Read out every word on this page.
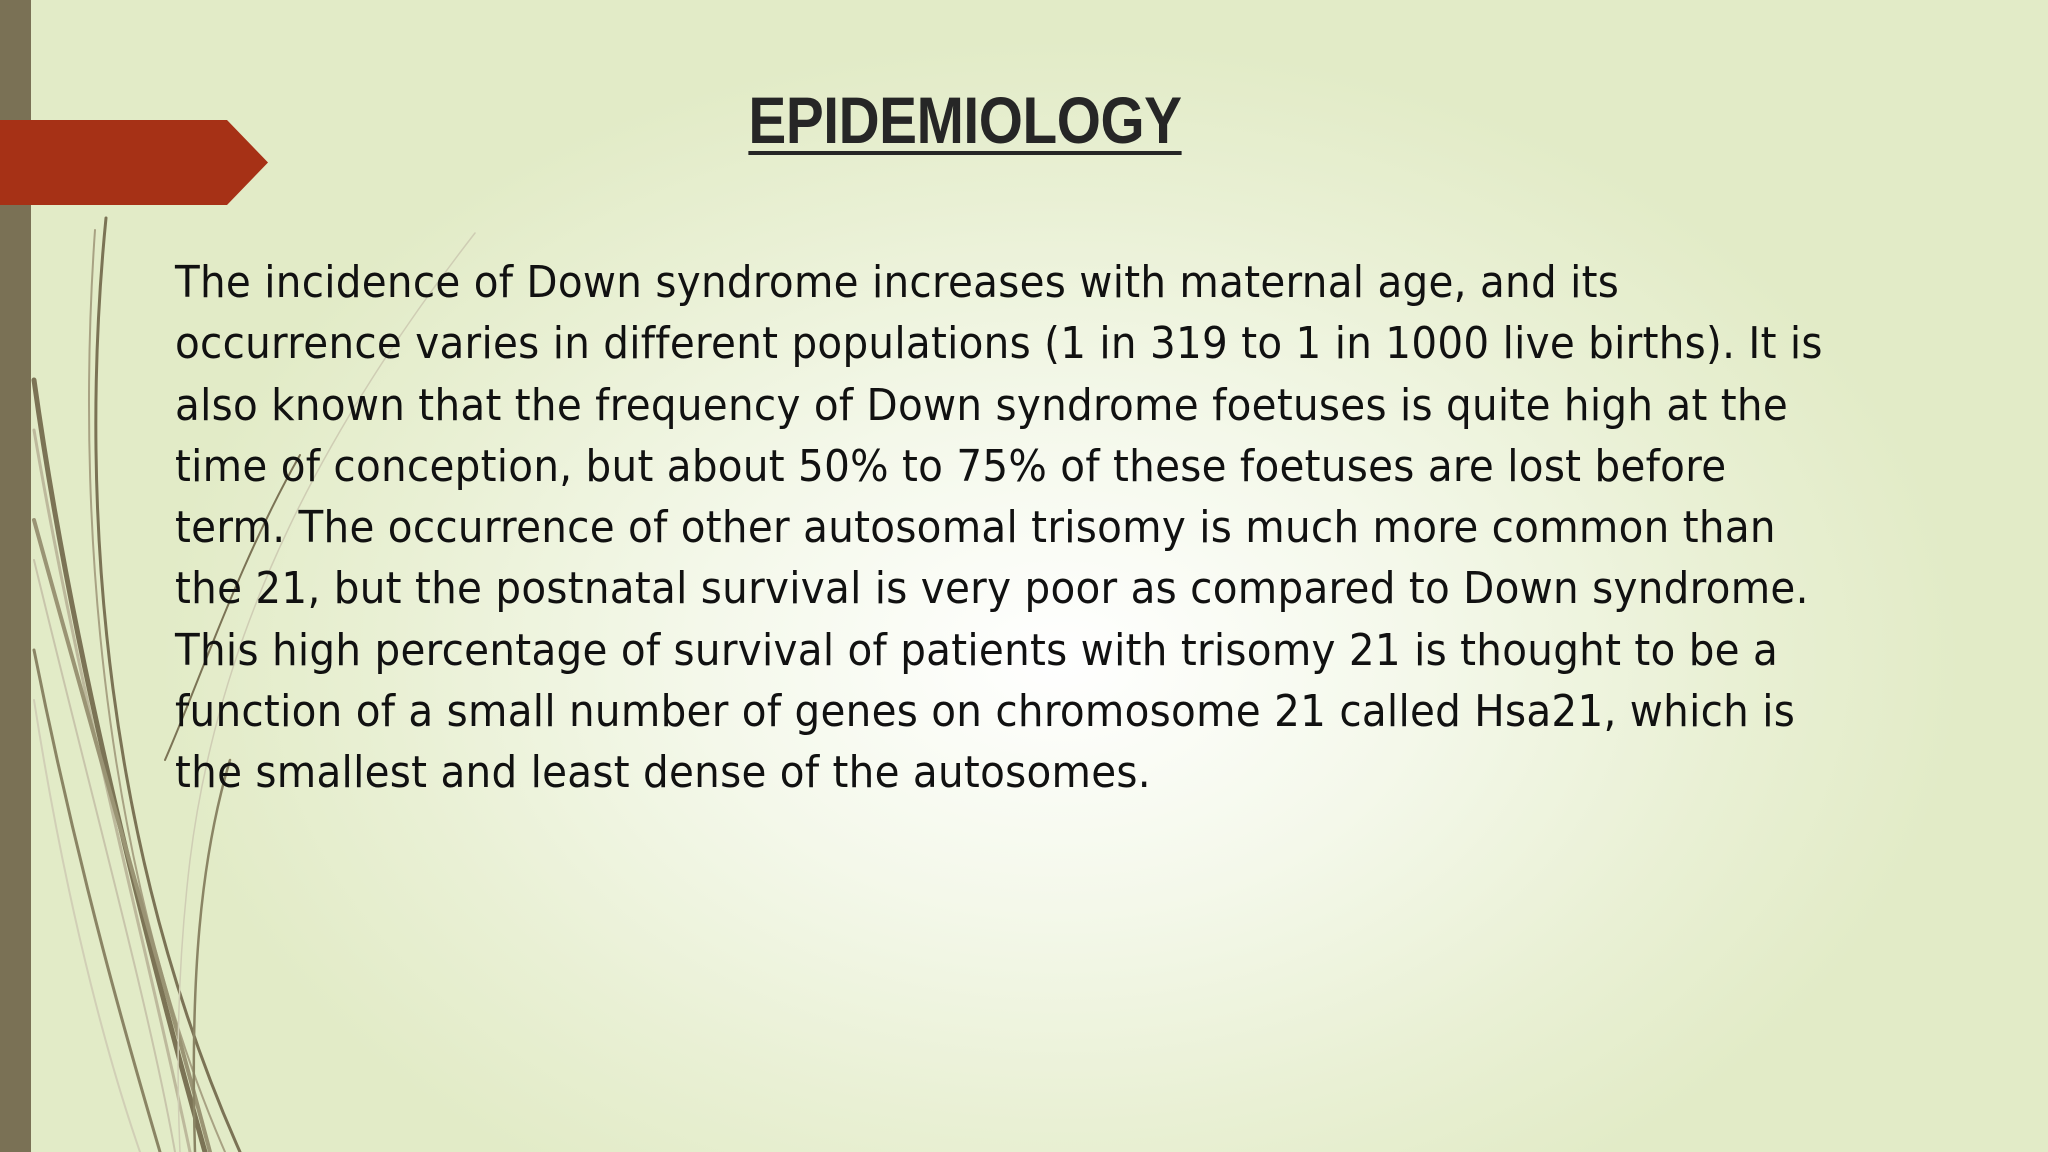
EPIDEMIOLOGY

The incidence of Down syndrome increases with maternal age, and its occurrence varies in different populations (1 in 319 to 1 in 1000 live births). It is also known that the frequency of Down syndrome foetuses is quite high at the time of conception, but about 50% to 75% of these foetuses are lost before term. The occurrence of other autosomal trisomy is much more common than the 21, but the postnatal survival is very poor as compared to Down syndrome. This high percentage of survival of patients with trisomy 21 is thought to be a function of a small number of genes on chromosome 21 called Hsa21, which is the smallest and least dense of the autosomes.
